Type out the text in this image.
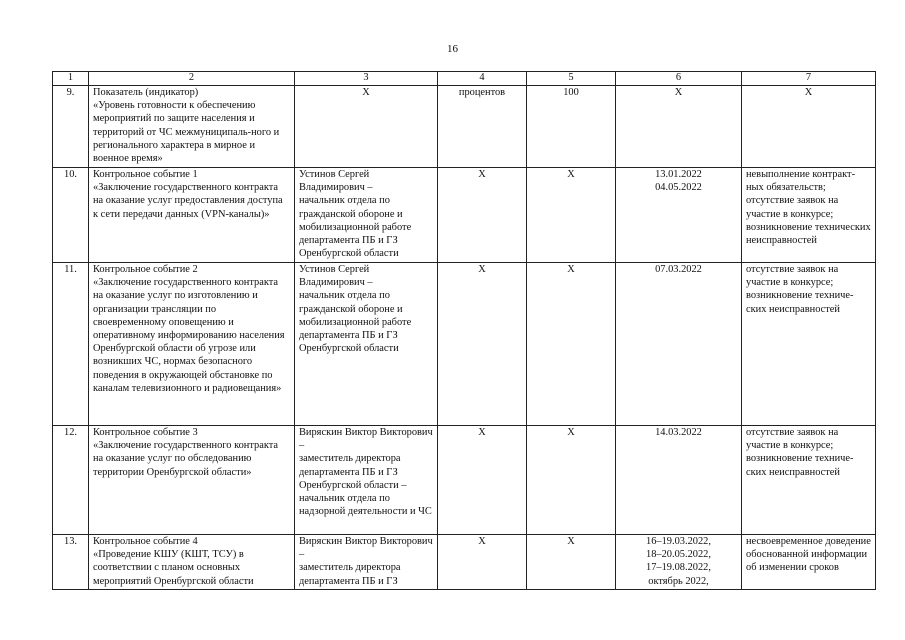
16
1	2	3	4	5	6	7
9.	Показатель (индикатор)
«Уровень готовности к обеспечению мероприятий по защите населения и территорий от ЧС межмуниципаль-ного и регионального характера в мирное и военное время»	Х	процентов	100	Х	Х
10.	Контрольное событие 1
«Заключение государственного контракта на оказание услуг предоставления доступа к сети передачи данных (VPN-каналы)»	Устинов Сергей Владимирович –
начальник отдела по гражданской обороне и мобилизационной работе департамента ПБ и ГЗ Оренбургской области	Х	Х	13.01.2022
04.05.2022	невыполнение контракт-ных обязательств;
отсутствие заявок на участие в конкурсе;
возникновение технических неисправностей
11.	Контрольное событие 2
«Заключение государственного контракта на оказание услуг по изготовлению и организации трансляции по своевременному оповещению и оперативному информированию населения Оренбургской области об угрозе или возникших ЧС, нормах безопасного поведения в окружающей обстановке по каналам телевизионного и радиовещания»	Устинов Сергей Владимирович –
начальник отдела по гражданской обороне и мобилизационной работе департамента ПБ и ГЗ Оренбургской области	Х	Х	07.03.2022	отсутствие заявок на участие в конкурсе;
возникновение техниче-ских неисправностей
12.	Контрольное событие 3
«Заключение государственного контракта на оказание услуг по обследованию территории Оренбургской области»	Виряскин Виктор Викторович –
заместитель директора департамента ПБ и ГЗ Оренбургской области – начальник отдела по надзорной деятельности и ЧС	Х	Х	14.03.2022	отсутствие заявок на участие в конкурсе;
возникновение техниче-ских неисправностей
13.	Контрольное событие 4
«Проведение КШУ (КШТ, ТСУ) в соответствии с планом основных мероприятий Оренбургской области	Виряскин Виктор Викторович –
заместитель директора департамента ПБ и ГЗ	Х	Х	16–19.03.2022,
18–20.05.2022,
17–19.08.2022,
октябрь 2022,	несвоевременное доведение обоснованной информации об изменении сроков
